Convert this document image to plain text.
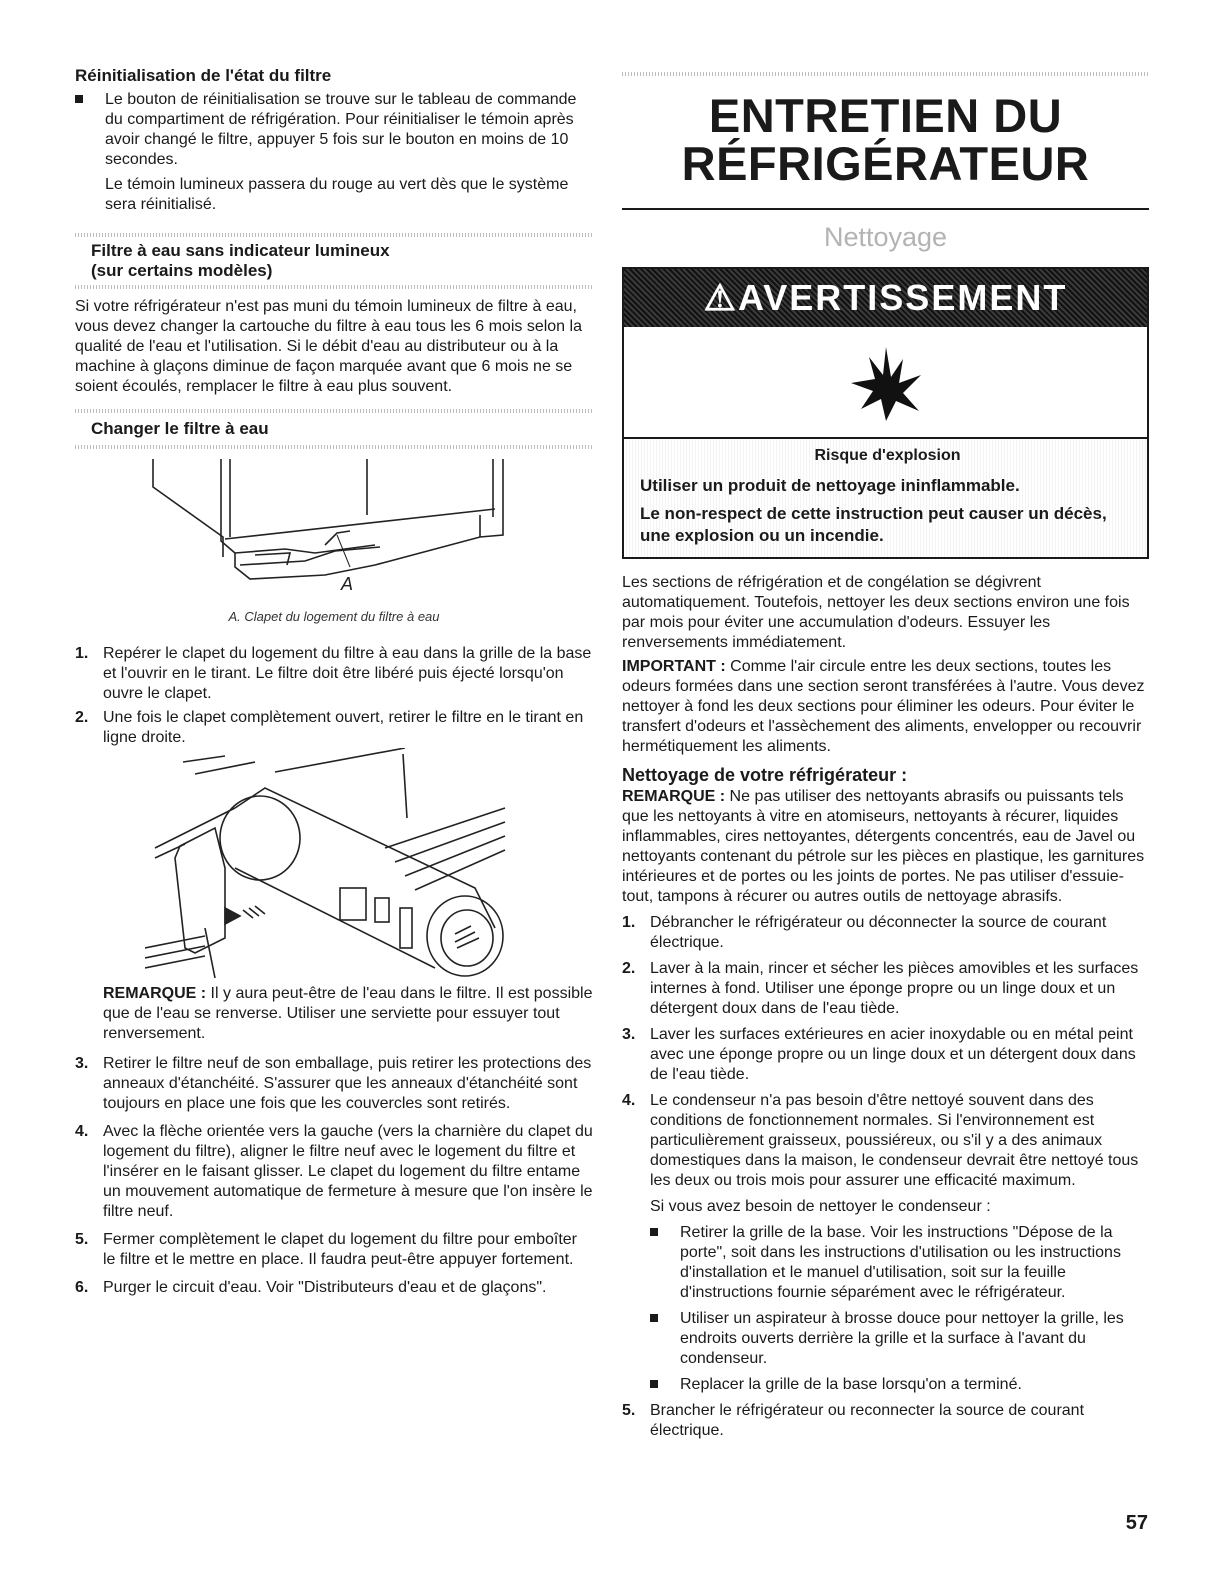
Réinitialisation de l'état du filtre

Le bouton de réinitialisation se trouve sur le tableau de commande du compartiment de réfrigération. Pour réinitialiser le témoin après avoir changé le filtre, appuyer 5 fois sur le bouton en moins de 10 secondes.

Le témoin lumineux passera du rouge au vert dès que le système sera réinitialisé.

Filtre à eau sans indicateur lumineux
(sur certains modèles)

Si votre réfrigérateur n'est pas muni du témoin lumineux de filtre à eau, vous devez changer la cartouche du filtre à eau tous les 6 mois selon la qualité de l'eau et l'utilisation. Si le débit d'eau au distributeur ou à la machine à glaçons diminue de façon marquée avant que 6 mois ne se soient écoulés, remplacer le filtre à eau plus souvent.

Changer le filtre à eau
A

A. Clapet du logement du filtre à eau

1. Repérer le clapet du logement du filtre à eau dans la grille de la base et l'ouvrir en le tirant. Le filtre doit être libéré puis éjecté lorsqu'on ouvre le clapet.

2. Une fois le clapet complètement ouvert, retirer le filtre en le tirant en ligne droite.

REMARQUE : Il y aura peut-être de l'eau dans le filtre. Il est possible que de l'eau se renverse. Utiliser une serviette pour essuyer tout renversement.

3. Retirer le filtre neuf de son emballage, puis retirer les protections des anneaux d'étanchéité. S'assurer que les anneaux d'étanchéité sont toujours en place une fois que les couvercles sont retirés.

4. Avec la flèche orientée vers la gauche (vers la charnière du clapet du logement du filtre), aligner le filtre neuf avec le logement du filtre et l'insérer en le faisant glisser. Le clapet du logement du filtre entame un mouvement automatique de fermeture à mesure que l'on insère le filtre neuf.

5. Fermer complètement le clapet du logement du filtre pour emboîter le filtre et le mettre en place. Il faudra peut-être appuyer fortement.

6. Purger le circuit d'eau. Voir "Distributeurs d'eau et de glaçons".

ENTRETIEN DU
RÉFRIGÉRATEUR
Nettoyage
⚠AVERTISSEMENT

Risque d'explosion

Utiliser un produit de nettoyage ininflammable.

Le non-respect de cette instruction peut causer un décès, une explosion ou un incendie.

Les sections de réfrigération et de congélation se dégivrent automatiquement. Toutefois, nettoyer les deux sections environ une fois par mois pour éviter une accumulation d'odeurs. Essuyer les renversements immédiatement.

IMPORTANT : Comme l'air circule entre les deux sections, toutes les odeurs formées dans une section seront transférées à l'autre. Vous devez nettoyer à fond les deux sections pour éliminer les odeurs. Pour éviter le transfert d'odeurs et l'assèchement des aliments, envelopper ou recouvrir hermétiquement les aliments.

Nettoyage de votre réfrigérateur :

REMARQUE : Ne pas utiliser des nettoyants abrasifs ou puissants tels que les nettoyants à vitre en atomiseurs, nettoyants à récurer, liquides inflammables, cires nettoyantes, détergents concentrés, eau de Javel ou nettoyants contenant du pétrole sur les pièces en plastique, les garnitures intérieures et de portes ou les joints de portes. Ne pas utiliser d'essuie-tout, tampons à récurer ou autres outils de nettoyage abrasifs.

1. Débrancher le réfrigérateur ou déconnecter la source de courant électrique.

2. Laver à la main, rincer et sécher les pièces amovibles et les surfaces internes à fond. Utiliser une éponge propre ou un linge doux et un détergent doux dans de l'eau tiède.

3. Laver les surfaces extérieures en acier inoxydable ou en métal peint avec une éponge propre ou un linge doux et un détergent doux dans de l'eau tiède.

4. Le condenseur n'a pas besoin d'être nettoyé souvent dans des conditions de fonctionnement normales. Si l'environnement est particulièrement graisseux, poussiéreux, ou s'il y a des animaux domestiques dans la maison, le condenseur devrait être nettoyé tous les deux ou trois mois pour assurer une efficacité maximum.

Si vous avez besoin de nettoyer le condenseur :

Retirer la grille de la base. Voir les instructions "Dépose de la porte", soit dans les instructions d'utilisation ou les instructions d'installation et le manuel d'utilisation, soit sur la feuille d'instructions fournie séparément avec le réfrigérateur.

Utiliser un aspirateur à brosse douce pour nettoyer la grille, les endroits ouverts derrière la grille et la surface à l'avant du condenseur.

Replacer la grille de la base lorsqu'on a terminé.

5. Brancher le réfrigérateur ou reconnecter la source de courant électrique.

57
